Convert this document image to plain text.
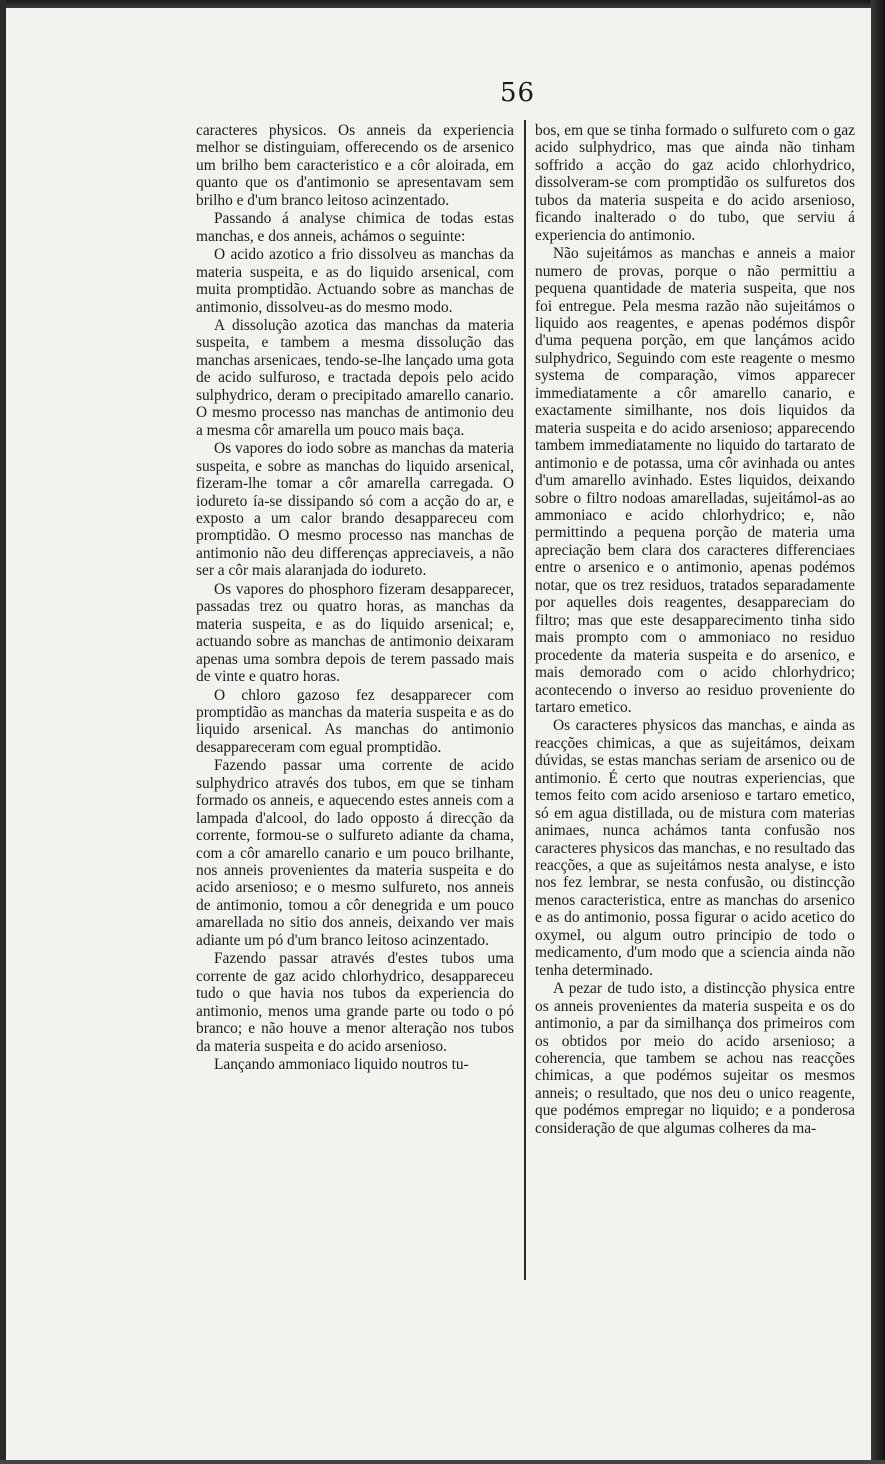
56

caracteres physicos. Os anneis da experiencia melhor se distinguiam, offerecendo os de arsenico um brilho bem caracteristico e a côr aloirada, em quanto que os d'antimonio se apresentavam sem brilho e d'um branco leitoso acinzentado.

Passando á analyse chimica de todas estas manchas, e dos anneis, achámos o seguinte:

O acido azotico a frio dissolveu as manchas da materia suspeita, e as do liquido arsenical, com muita promptidão. Actuando sobre as manchas de antimonio, dissolveu-as do mesmo modo.

A dissolução azotica das manchas da materia suspeita, e tambem a mesma dissolução das manchas arsenicaes, tendo-se-lhe lançado uma gota de acido sulfuroso, e tractada depois pelo acido sulphydrico, deram o precipitado amarello canario. O mesmo processo nas manchas de antimonio deu a mesma côr amarella um pouco mais baça.

Os vapores do iodo sobre as manchas da materia suspeita, e sobre as manchas do liquido arsenical, fizeram-lhe tomar a côr amarella carregada. O iodureto ía-se dissipando só com a acção do ar, e exposto a um calor brando desappareceu com promptidão. O mesmo processo nas manchas de antimonio não deu differenças appreciaveis, a não ser a côr mais alaranjada do iodureto.

Os vapores do phosphoro fizeram desapparecer, passadas trez ou quatro horas, as manchas da materia suspeita, e as do liquido arsenical; e, actuando sobre as manchas de antimonio deixaram apenas uma sombra depois de terem passado mais de vinte e quatro horas.

O chloro gazoso fez desapparecer com promptidão as manchas da materia suspeita e as do liquido arsenical. As manchas do antimonio desappareceram com egual promptidão.

Fazendo passar uma corrente de acido sulphydrico através dos tubos, em que se tinham formado os anneis, e aquecendo estes anneis com a lampada d'alcool, do lado opposto á direcção da corrente, formou-se o sulfureto adiante da chama, com a côr amarello canario e um pouco brilhante, nos anneis provenientes da materia suspeita e do acido arsenioso; e o mesmo sulfureto, nos anneis de antimonio, tomou a côr denegrida e um pouco amarellada no sitio dos anneis, deixando ver mais adiante um pó d'um branco leitoso acinzentado.

Fazendo passar através d'estes tubos uma corrente de gaz acido chlorhydrico, desappareceu tudo o que havia nos tubos da experiencia do antimonio, menos uma grande parte ou todo o pó branco; e não houve a menor alteração nos tubos da materia suspeita e do acido arsenioso.

Lançando ammoniaco liquido noutros tu-

bos, em que se tinha formado o sulfureto com o gaz acido sulphydrico, mas que ainda não tinham soffrido a acção do gaz acido chlorhydrico, dissolveram-se com promptidão os sulfuretos dos tubos da materia suspeita e do acido arsenioso, ficando inalterado o do tubo, que serviu á experiencia do antimonio.

Não sujeitámos as manchas e anneis a maior numero de provas, porque o não permittiu a pequena quantidade de materia suspeita, que nos foi entregue. Pela mesma razão não sujeitámos o liquido aos reagentes, e apenas podémos dispôr d'uma pequena porção, em que lançámos acido sulphydrico, Seguindo com este reagente o mesmo systema de comparação, vimos apparecer immediatamente a côr amarello canario, e exactamente similhante, nos dois liquidos da materia suspeita e do acido arsenioso; apparecendo tambem immediatamente no liquido do tartarato de antimonio e de potassa, uma côr avinhada ou antes d'um amarello avinhado. Estes liquidos, deixando sobre o filtro nodoas amarelladas, sujeitámol-as ao ammoniaco e acido chlorhydrico; e, não permittindo a pequena porção de materia uma apreciação bem clara dos caracteres differenciaes entre o arsenico e o antimonio, apenas podémos notar, que os trez residuos, tratados separadamente por aquelles dois reagentes, desappareciam do filtro; mas que este desapparecimento tinha sido mais prompto com o ammoniaco no residuo procedente da materia suspeita e do arsenico, e mais demorado com o acido chlorhydrico; acontecendo o inverso ao residuo proveniente do tartaro emetico.

Os caracteres physicos das manchas, e ainda as reacções chimicas, a que as sujeitámos, deixam dúvidas, se estas manchas seriam de arsenico ou de antimonio. É certo que noutras experiencias, que temos feito com acido arsenioso e tartaro emetico, só em agua distillada, ou de mistura com materias animaes, nunca achámos tanta confusão nos caracteres physicos das manchas, e no resultado das reacções, a que as sujeitámos nesta analyse, e isto nos fez lembrar, se nesta confusão, ou distincção menos caracteristica, entre as manchas do arsenico e as do antimonio, possa figurar o acido acetico do oxymel, ou algum outro principio de todo o medicamento, d'um modo que a sciencia ainda não tenha determinado.

A pezar de tudo isto, a distincção physica entre os anneis provenientes da materia suspeita e os do antimonio, a par da similhança dos primeiros com os obtidos por meio do acido arsenioso; a coherencia, que tambem se achou nas reacções chimicas, a que podémos sujeitar os mesmos anneis; o resultado, que nos deu o unico reagente, que podémos empregar no liquido; e a ponderosa consideração de que algumas colheres da ma-
